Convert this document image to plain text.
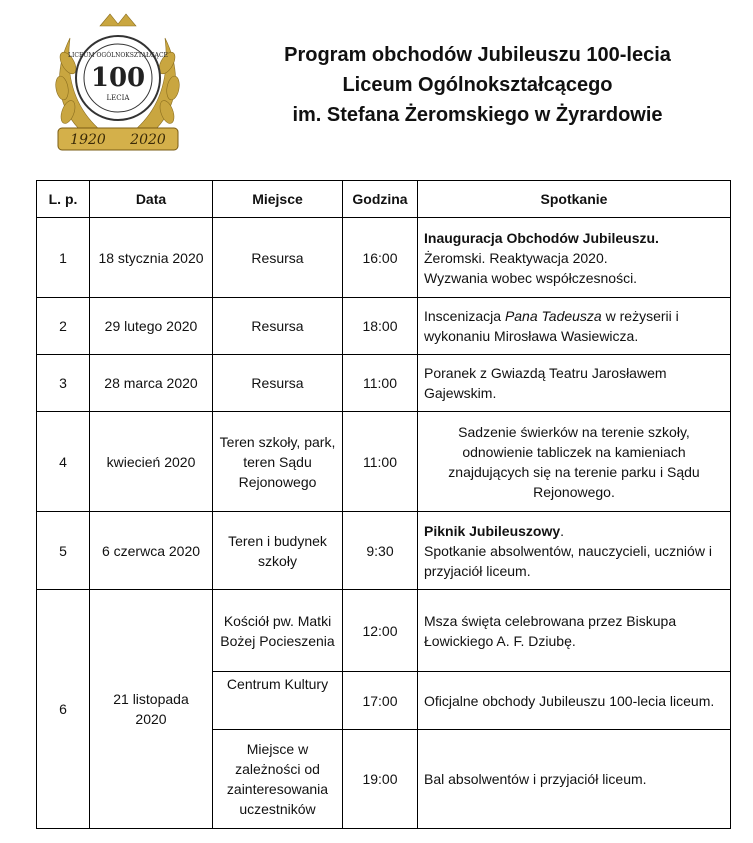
LICEUM OGÓLNOKSZTAŁCĄCE
100
LECIA
1920 2020
Program obchodów Jubileuszu 100-lecia
Liceum Ogólnokształcącego
im. Stefana Żeromskiego w Żyrardowie
L. p.	Data	Miejsce	Godzina	Spotkanie
1	18 stycznia 2020	Resursa	16:00	Inauguracja Obchodów Jubileuszu.
Żeromski. Reaktywacja 2020.
Wyzwania wobec współczesności.

2	29 lutego 2020	Resursa	18:00	Inscenizacja Pana Tadeusza w reżyserii i wykonaniu Mirosława Wasiewicza.
3	28 marca 2020	Resursa	11:00	Poranek z Gwiazdą Teatru Jarosławem Gajewskim.
4	kwiecień 2020	Teren szkoły, park, teren Sądu Rejonowego	11:00	Sadzenie świerków na terenie szkoły, odnowienie tabliczek na kamieniach znajdujących się na terenie parku i Sądu Rejonowego.
5	6 czerwca 2020	Teren i budynek szkoły	9:30	Piknik Jubileuszowy.
Spotkanie absolwentów, nauczycieli, uczniów i przyjaciół liceum.

6	21 listopada 2020	Kościół pw. Matki Bożej Pocieszenia	12:00	Msza święta celebrowana przez Biskupa Łowickiego A. F. Dziubę.
		Centrum Kultury	17:00	Oficjalne obchody Jubileuszu 100-lecia liceum.
		Miejsce w zależności od zainteresowania uczestników	19:00	Bal absolwentów i przyjaciół liceum.
